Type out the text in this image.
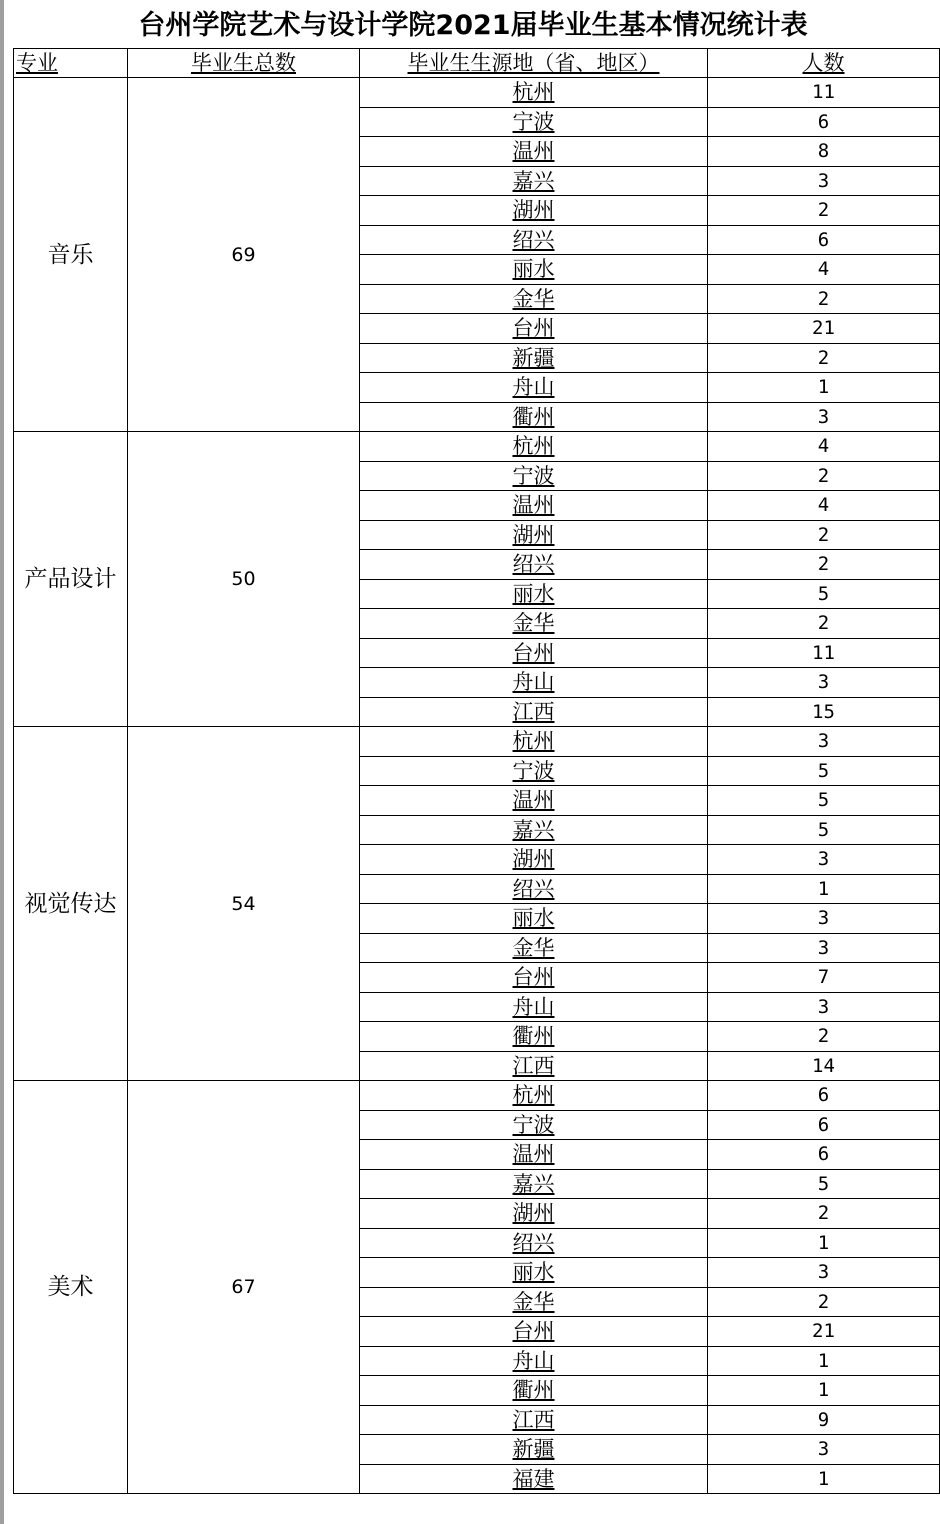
台州学院艺术与设计学院2021届毕业生基本情况统计表
专业	毕业生总数	毕业生生源地（省、地区）	人数
音乐	69	杭州	11
		宁波	6
		温州	8
		嘉兴	3
		湖州	2
		绍兴	6
		丽水	4
		金华	2
		台州	21
		新疆	2
		舟山	1
		衢州	3
产品设计	50	杭州	4
		宁波	2
		温州	4
		湖州	2
		绍兴	2
		丽水	5
		金华	2
		台州	11
		舟山	3
		江西	15
视觉传达	54	杭州	3
		宁波	5
		温州	5
		嘉兴	5
		湖州	3
		绍兴	1
		丽水	3
		金华	3
		台州	7
		舟山	3
		衢州	2
		江西	14
美术	67	杭州	6
		宁波	6
		温州	6
		嘉兴	5
		湖州	2
		绍兴	1
		丽水	3
		金华	2
		台州	21
		舟山	1
		衢州	1
		江西	9
		新疆	3
		福建	1
